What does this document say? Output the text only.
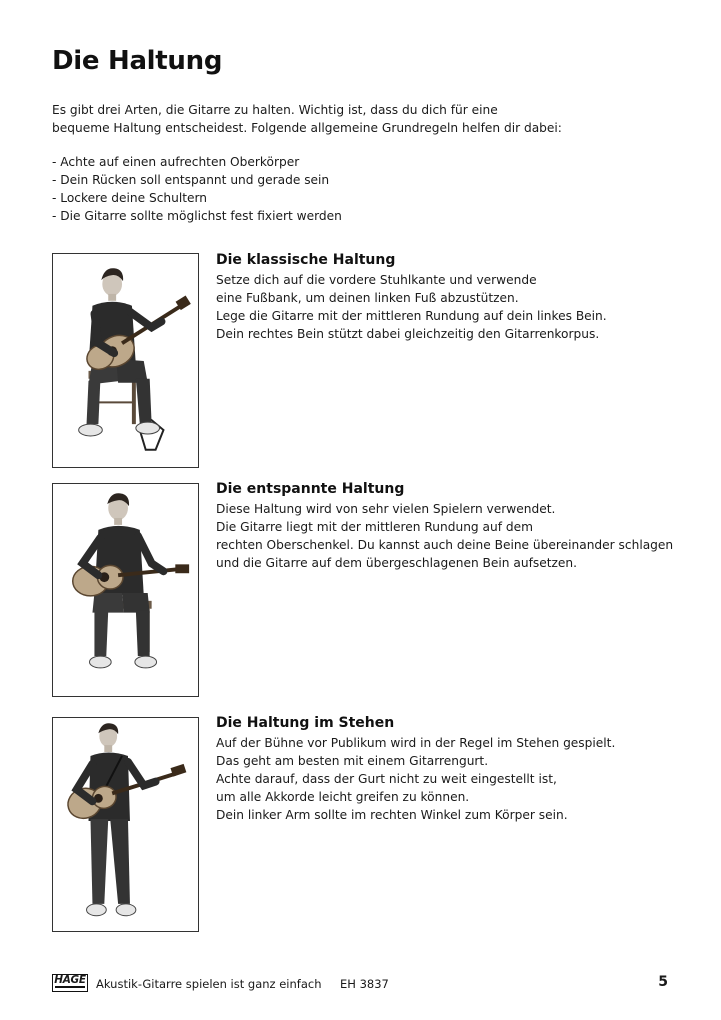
Die Haltung
Es gibt drei Arten, die Gitarre zu halten. Wichtig ist, dass du dich für eine
bequeme Haltung entscheidest. Folgende allgemeine Grundregeln helfen dir dabei:
- Achte auf einen aufrechten Oberkörper
- Dein Rücken soll entspannt und gerade sein
- Lockere deine Schultern
- Die Gitarre sollte möglichst fest fixiert werden
Die klassische Haltung

Setze dich auf die vordere Stuhlkante und verwende
eine Fußbank, um deinen linken Fuß abzustützen.
Lege die Gitarre mit der mittleren Rundung auf dein linkes Bein.
Dein rechtes Bein stützt dabei gleichzeitig den Gitarrenkorpus.

Die entspannte Haltung

Diese Haltung wird von sehr vielen Spielern verwendet.
Die Gitarre liegt mit der mittleren Rundung auf dem
rechten Oberschenkel. Du kannst auch deine Beine übereinander schlagen
und die Gitarre auf dem übergeschlagenen Bein aufsetzen.

Die Haltung im Stehen

Auf der Bühne vor Publikum wird in der Regel im Stehen gespielt.
Das geht am besten mit einem Gitarrengurt.
Achte darauf, dass der Gurt nicht zu weit eingestellt ist,
um alle Akkorde leicht greifen zu können.
Dein linker Arm sollte im rechten Winkel zum Körper sein.

HAGE Akustik-Gitarre spielen ist ganz einfach EH 3837	5
